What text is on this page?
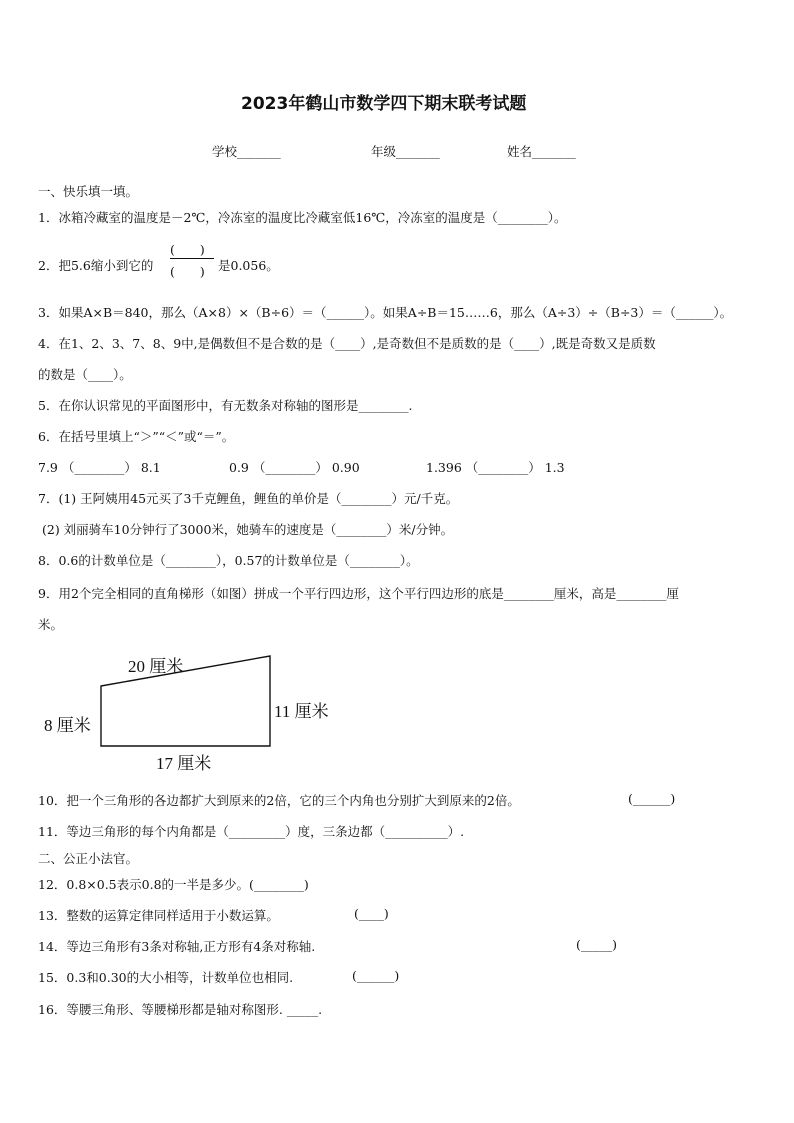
2023年鹤山市数学四下期末联考试题
学校_______	年级_______	姓名_______
一、快乐填一填。
1．冰箱冷藏室的温度是－2℃，冷冻室的温度比冷藏室低16℃，冷冻室的温度是（________）。
2．把5.6缩小到它的
(　　)
(　　) 是0.056。
3．如果A×B＝840，那么（A×8）×（B÷6）＝（______）。如果A÷B＝15……6，那么（A÷3）÷（B÷3）＝（______）。
4．在1、2、3、7、8、9中,是偶数但不是合数的是（____）,是奇数但不是质数的是（____）,既是奇数又是质数
的数是（____）。
5．在你认识常见的平面图形中，有无数条对称轴的图形是________.
6．在括号里填上“＞”“＜”或“＝”。
7.9 （________） 8.1	0.9 （________） 0.90	1.396 （________） 1.3
7．(1) 王阿姨用45元买了3千克鲤鱼，鲤鱼的单价是（________）元/千克。
(2) 刘丽骑车10分钟行了3000米，她骑车的速度是（________）米/分钟。
8．0.6的计数单位是（________），0.57的计数单位是（________）。
9．用2个完全相同的直角梯形（如图）拼成一个平行四边形，这个平行四边形的底是________厘米，高是________厘
米。
20 厘米
8 厘米
11 厘米
17 厘米
10．把一个三角形的各边都扩大到原来的2倍，它的三个内角也分别扩大到原来的2倍。	(______)
11．等边三角形的每个内角都是（_________）度，三条边都（__________）.
二、公正小法官。
12．0.8×0.5表示0.8的一半是多少。(________)
13．整数的运算定律同样适用于小数运算。	(____)
14．等边三角形有3条对称轴,正方形有4条对称轴.	(_____)
15．0.3和0.30的大小相等，计数单位也相同.	(______)
16．等腰三角形、等腰梯形都是轴对称图形. _____.
